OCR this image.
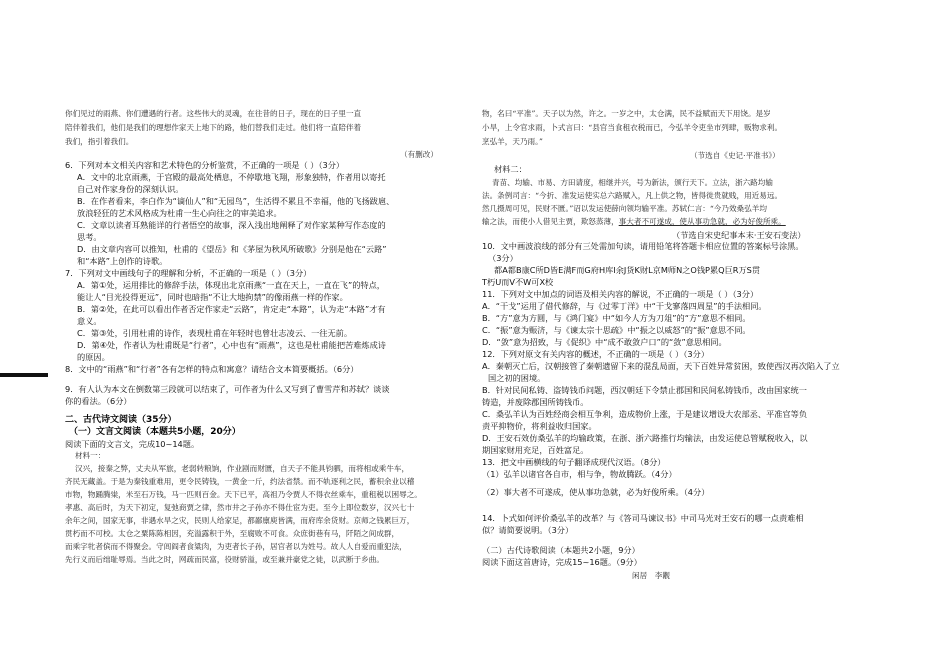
你们见过的雨燕、你们遭遇的行者。这些伟大的灵魂，在往昔的日子，现在的日子里一直
陪伴着我们，他们是我们的理想作家天上地下的路，他们替我们走过。他们将一直陪伴着
我们，指引着我们。
（有删改）
6．下列对本文相关内容和艺术特色的分析鉴赏，不正确的一项是（ ）（3分）
A．文中的北京雨燕，于宫殿的最高处栖息，不停歇地飞翔，形象独特，作者用以寄托
自己对作家身份的深刻认识。
B．在作者看来，李白作为“谪仙人”和“无园鸟”，生活得不累且不幸福，他的飞扬跋扈、
放浪轻狂的艺术风格成为杜甫一生心向往之的审美追求。
C．文章以读者耳熟能详的行者悟空的故事，深入浅出地阐释了对作家某种写作态度的
思考。
D．由文章内容可以推知，杜甫的《望岳》和《茅屋为秋风所破歌》分别是他在“云路”
和“本路”上创作的诗歌。
7．下列对文中画线句子的理解和分析，不正确的一项是（ ）（3分）
A．第①处，运用排比的修辞手法，体现出北京雨燕“一直在天上，一直在飞”的特点，
能让人“目光投得更远”，同时也暗指“不让大地拘禁”的像雨燕一样的作家。
B．第②处，在此可以看出作者否定作家走“云路”，肯定走“本路”，认为走“本路”才有
意义。
C．第③处，引用杜甫的诗作，表现杜甫在年轻时也曾壮志凌云、一往无前。
D．第④处，作者认为杜甫既是“行者”，心中也有“雨燕”，这也是杜甫能把苦难炼成诗
的原因。
8．文中的“雨燕”和“行者”各有怎样的特点和寓意？请结合文本简要概括。（6分）
9．有人认为本文在倒数第三段就可以结束了，可作者为什么又写到了曹雪芹和苏轼？谈谈
你的看法。（6分）
二、古代诗文阅读（35分）
（一）文言文阅读（本题共5小题，20分）
阅读下面的文言文，完成10~14题。
材料一：
汉兴，接秦之弊，丈夫从军旅，老弱转粮饷，作业剧而财匮，自天子不能具钧驷，而将相或乘牛车，
齐民无藏盖。于是为秦钱重难用，更令民铸钱，一黄金一斤，约法省禁。而不轨逐利之民，蓄积余业以稽
市物，物踊腾粜，米至石万钱，马一匹则百金。天下已平，高祖乃令贾人不得衣丝乘车，重租税以困辱之。
孝惠、高后时，为天下初定，复弛商贾之律，然市井之子孙亦不得仕宦为吏。至今上即位数岁，汉兴七十
余年之间，国家无事，非遇水旱之灾，民则人给家足，都鄙廪庾皆满，而府库余货财。京师之钱累巨万，
贯朽而不可校。太仓之粟陈陈相因，充溢露积于外，至腐败不可食。众庶街巷有马，阡陌之间成群，
而乘字牝者傧而不得聚会。守闾阎者食粱肉，为吏者长子孙，居官者以为姓号。故人人自爱而重犯法，
先行义而后绌耻辱焉。当此之时，网疏而民富，役财骄溢，或至兼并豪党之徒，以武断于乡曲。
物，名曰“平准”。天子以为然，许之。一岁之中，太仓满，民不益赋而天下用饶。是岁
小旱，上令官求雨，卜式言曰：“县官当食租衣税而已，今弘羊令吏坐市列肆，贩物求利。
烹弘羊，天乃雨。”
（节选自《史记·平准书》）
材料二：
青苗、均输、市易、方田请度，相继并兴，号为新法，颁行天下。立法，浙六路均输
法。条例司言：“今折、准发运使实总六路赋入，凡上供之物，皆得徙贵就贱，用近易远。
然几摄周可见，民财不匮。”诏以发运使薛向领均输平准。苏轼仁言：“今乃效桑弘羊均
输之法，而使小人借见主贾，欺怒蒸薄，事大者不可遂成，使从事功急就，必为好俊所乘。
（节选自宋史纪事本末·王安石变法）
10．文中画波浪线的部分有三处需加句读，请用铅笔将答题卡相应位置的答案标号涂黑。
（3分）
都A都B康C所D皆E满F而G府H库I余J货K财L京M师N之O钱P累Q巨R万S贯
T朽U而V不W可X校
11．下列对文中加点的词语及相关内容的解说，不正确的一项是（ ）（3分）
A．“干戈”运用了借代修辞，与《过零丁洋》中“干戈寥落四周星”的手法相同。
B．“方”意为方圆，与《鸿门宴》中“如今人方为刀俎”的“方”意思不相同。
C．“振”意为赈济，与《谏太宗十思疏》中“振之以威怒”的“振”意思不同。
D．“敛”意为招致，与《促织》中“成不敢敛户口”的“敛”意思相同。
12．下列对原文有关内容的概述，不正确的一项是（ ）（3分）
A．秦朝灭亡后，汉朝接管了秦朝遗留下来的混乱局面，天下百姓异常贫困，致使西汉再次陷入了立
国之初的困境。
B．针对民间私铸、盗铸钱币问题，西汉朝廷下令禁止郡国和民间私铸钱币，改由国家统一
铸造，并废除郡国所铸钱币。
C．桑弘羊认为百姓经商会相互争利，造成物价上涨，于是建议增设大农部丞、平准官等负
责平抑物价，将利益收归国家。
D．王安石效仿桑弘羊的均输政策，在浙、浙六路推行均输法，由发运使总管赋税收入，以
期国家财用充足，百姓富足。
13．把文中画横线的句子翻译成现代汉语。（8分）
（1）弘羊以诸官各自市，相与争，物故腾跃。（4分）
（2）事大者不可遂成，使从事功急就，必为好俊所乘。（4分）
14．卜式如何评价桑弘羊的改革？与《答司马谏议书》中司马光对王安石的哪一点责难相
似？请简要说明。（3分）
（二）古代诗歌阅读（本题共2小题，9分）
阅读下面这首唐诗，完成15~16题。（9分）
闲居　李觏
